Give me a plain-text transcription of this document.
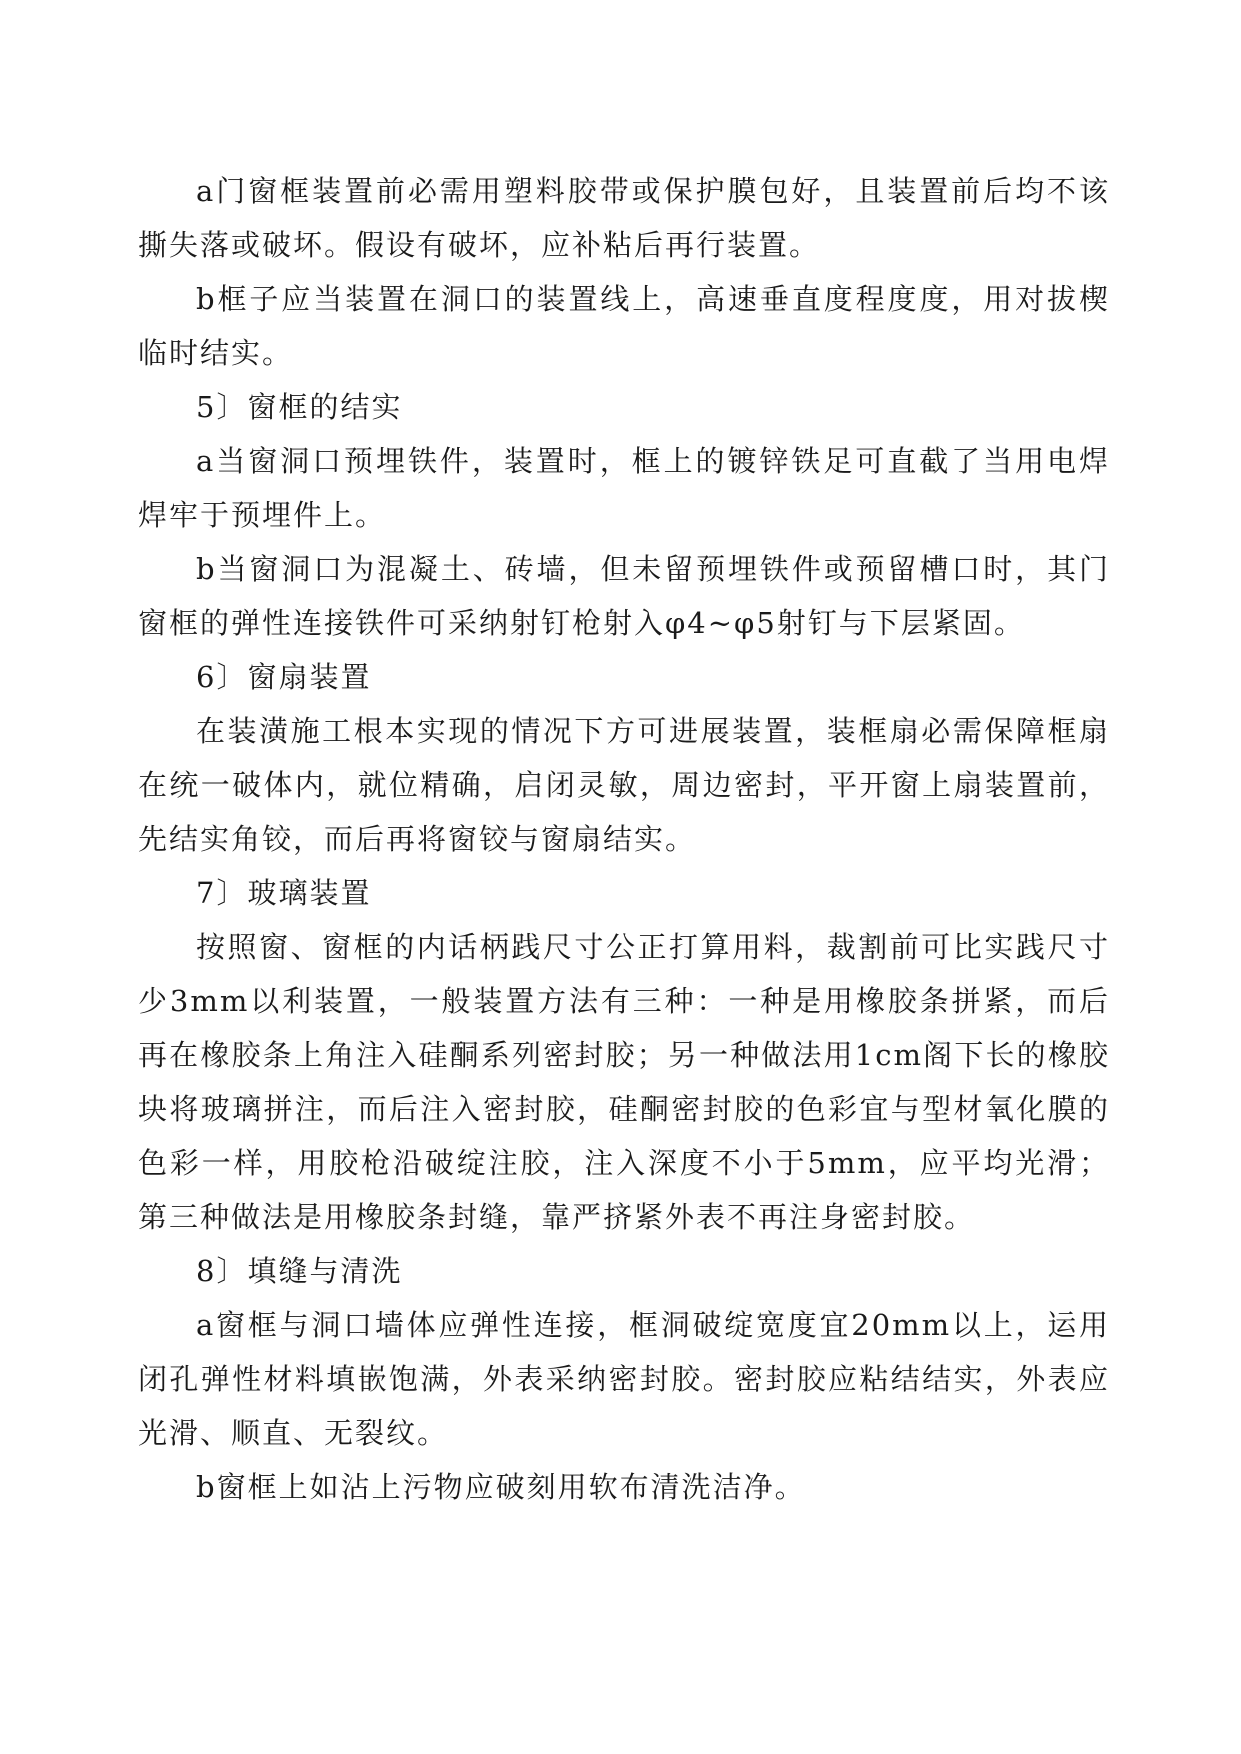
a门窗框装置前必需用塑料胶带或保护膜包好，且装置前后均不该撕失落或破坏。假设有破坏，应补粘后再行装置。

b框子应当装置在洞口的装置线上，高速垂直度程度度，用对拔楔临时结实。

5〕窗框的结实

a当窗洞口预埋铁件，装置时，框上的镀锌铁足可直截了当用电焊焊牢于预埋件上。

b当窗洞口为混凝土、砖墙，但未留预埋铁件或预留槽口时，其门窗框的弹性连接铁件可采纳射钉枪射入φ4~φ5射钉与下层紧固。

6〕窗扇装置

在装潢施工根本实现的情况下方可进展装置，装框扇必需保障框扇在统一破体内，就位精确，启闭灵敏，周边密封，平开窗上扇装置前，先结实角铰，而后再将窗铰与窗扇结实。

7〕玻璃装置

按照窗、窗框的内话柄践尺寸公正打算用料，裁割前可比实践尺寸少3mm以利装置，一般装置方法有三种：一种是用橡胶条拼紧，而后再在橡胶条上角注入硅酮系列密封胶；另一种做法用1cm阁下长的橡胶块将玻璃拼注，而后注入密封胶，硅酮密封胶的色彩宜与型材氧化膜的色彩一样，用胶枪沿破绽注胶，注入深度不小于5mm，应平均光滑；第三种做法是用橡胶条封缝，靠严挤紧外表不再注身密封胶。

8〕填缝与清洗

a窗框与洞口墙体应弹性连接，框洞破绽宽度宜20mm以上，运用闭孔弹性材料填嵌饱满，外表采纳密封胶。密封胶应粘结结实，外表应光滑、顺直、无裂纹。

b窗框上如沾上污物应破刻用软布清洗洁净。
